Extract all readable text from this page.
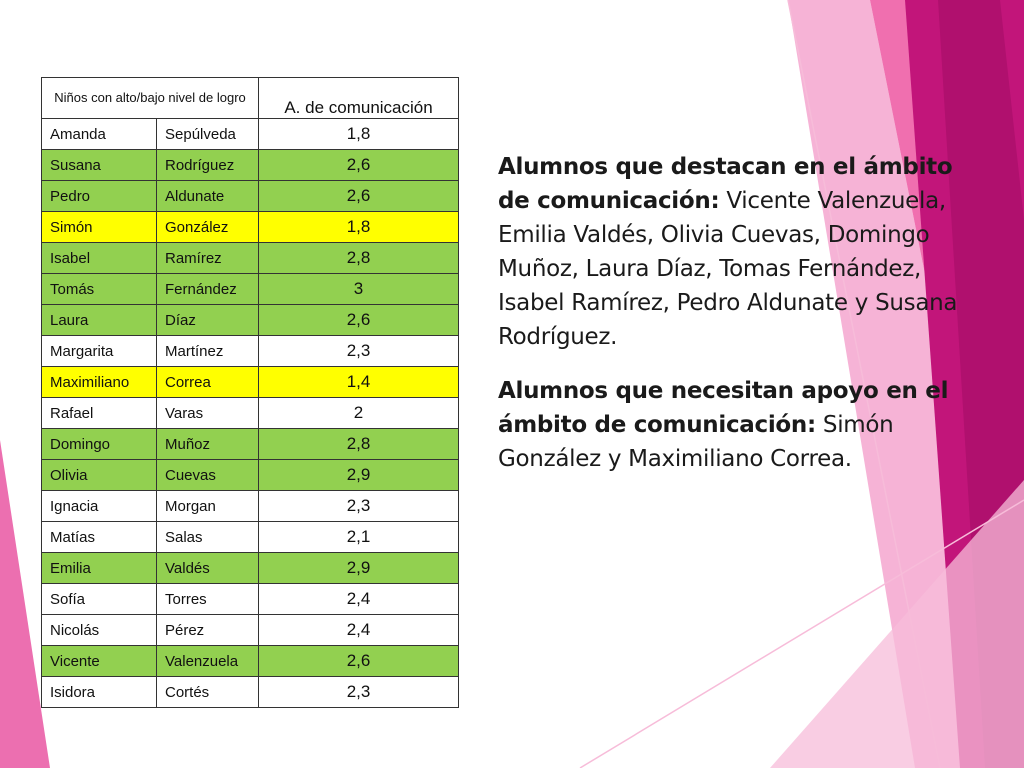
Niños con alto/bajo nivel de logro		A. de comunicación
Amanda	Sepúlveda	1,8
Susana	Rodríguez	2,6
Pedro	Aldunate	2,6
Simón	González	1,8
Isabel	Ramírez	2,8
Tomás	Fernández	3
Laura	Díaz	2,6
Margarita	Martínez	2,3
Maximiliano	Correa	1,4
Rafael	Varas	2
Domingo	Muñoz	2,8
Olivia	Cuevas	2,9
Ignacia	Morgan	2,3
Matías	Salas	2,1
Emilia	Valdés	2,9
Sofía	Torres	2,4
Nicolás	Pérez	2,4
Vicente	Valenzuela	2,6
Isidora	Cortés	2,3

Alumnos que destacan en el ámbito de comunicación: Vicente Valenzuela, Emilia Valdés, Olivia Cuevas, Domingo Muñoz, Laura Díaz, Tomas Fernández, Isabel Ramírez, Pedro Aldunate y Susana Rodríguez.

Alumnos que necesitan apoyo en el ámbito de comunicación: Simón González y Maximiliano Correa.
